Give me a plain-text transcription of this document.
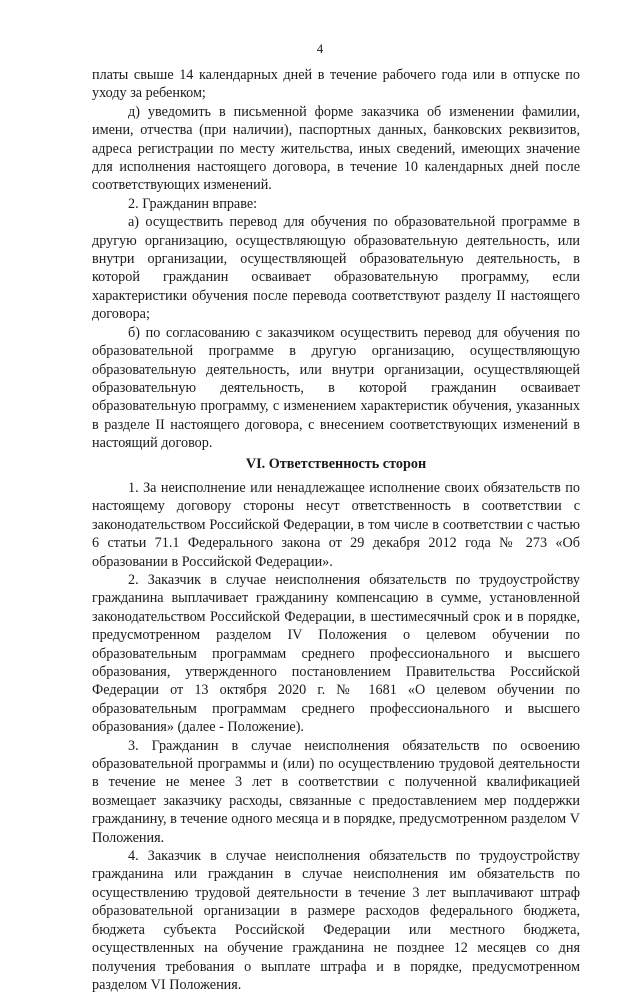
4

платы свыше 14 календарных дней в течение рабочего года или в отпуске по уходу за ребенком;

д) уведомить в письменной форме заказчика об изменении фамилии, имени, отчества (при наличии), паспортных данных, банковских реквизитов, адреса регистрации по месту жительства, иных сведений, имеющих значение для исполнения настоящего договора, в течение 10 календарных дней после соответствующих изменений.

2. Гражданин вправе:

а) осуществить перевод для обучения по образовательной программе в другую организацию, осуществляющую образовательную деятельность, или внутри организации, осуществляющей образовательную деятельность, в которой гражданин осваивает образовательную программу, если характеристики обучения после перевода соответствуют разделу II настоящего договора;

б) по согласованию с заказчиком осуществить перевод для обучения по образовательной программе в другую организацию, осуществляющую образовательную деятельность, или внутри организации, осуществляющей образовательную деятельность, в которой гражданин осваивает образовательную программу, с изменением характеристик обучения, указанных в разделе II настоящего договора, с внесением соответствующих изменений в настоящий договор.

VI. Ответственность сторон

1. За неисполнение или ненадлежащее исполнение своих обязательств по настоящему договору стороны несут ответственность в соответствии с законодательством Российской Федерации, в том числе в соответствии с частью 6 статьи 71.1 Федерального закона от 29 декабря 2012 года № 273 «Об образовании в Российской Федерации».

2. Заказчик в случае неисполнения обязательств по трудоустройству гражданина выплачивает гражданину компенсацию в сумме, установленной законодательством Российской Федерации, в шестимесячный срок и в порядке, предусмотренном разделом IV Положения о целевом обучении по образовательным программам среднего профессионального и высшего образования, утвержденного постановлением Правительства Российской Федерации от 13 октября 2020 г. № 1681 «О целевом обучении по образовательным программам среднего профессионального и высшего образования» (далее - Положение).

3. Гражданин в случае неисполнения обязательств по освоению образовательной программы и (или) по осуществлению трудовой деятельности в течение не менее 3 лет в соответствии с полученной квалификацией возмещает заказчику расходы, связанные с предоставлением мер поддержки гражданину, в течение одного месяца и в порядке, предусмотренном разделом V Положения.

4. Заказчик в случае неисполнения обязательств по трудоустройству гражданина или гражданин в случае неисполнения им обязательств по осуществлению трудовой деятельности в течение 3 лет выплачивают штраф образовательной организации в размере расходов федерального бюджета, бюджета субъекта Российской Федерации или местного бюджета, осуществленных на обучение гражданина не позднее 12 месяцев со дня получения требования о выплате штрафа и в порядке, предусмотренном разделом VI Положения.
